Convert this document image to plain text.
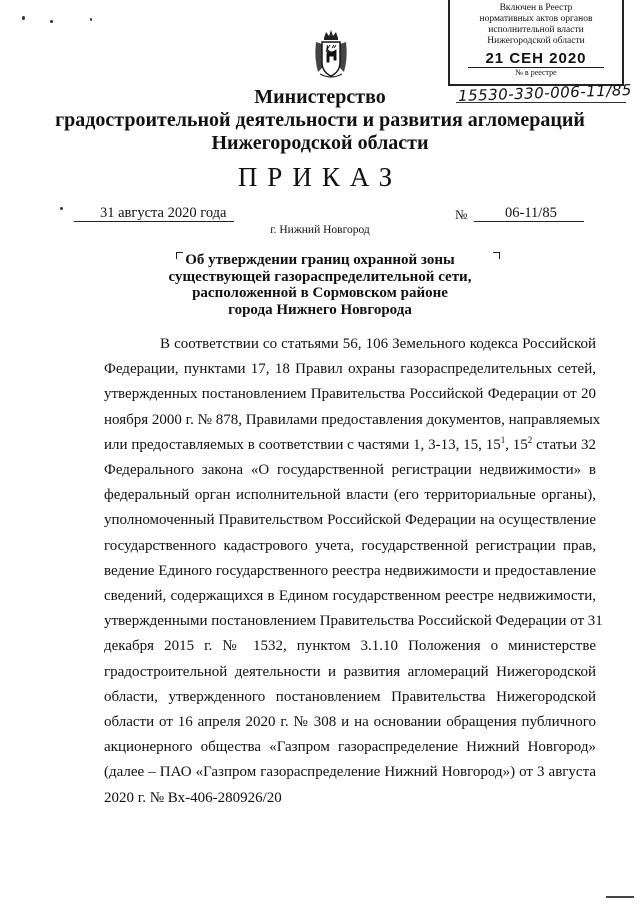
Включен в Реестр
нормативных актов органов
исполнительной власти
Нижегородской области
21 СЕН 2020
№ в реестре
15530-330-006-11/85
Министерство
градостроительной деятельности и развития агломераций
Нижегородской области
ПРИКАЗ
31 августа 2020 года	№	06-11/85
г. Нижний Новгород
Об утверждении границ охранной зоны
существующей газораспределительной сети,
расположенной в Сормовском районе
города Нижнего Новгорода
В соответствии со статьями 56, 106 Земельного кодекса Российской
Федерации, пунктами 17, 18 Правил охраны газораспределительных сетей,
утвержденных постановлением Правительства Российской Федерации от 20
ноября 2000 г. № 878, Правилами предоставления документов, направляемых
или предоставляемых в соответствии с частями 1, 3-13, 15, $15^1$, $15^2$ статьи 32
Федерального закона «О государственной регистрации недвижимости» в
федеральный орган исполнительной власти (его территориальные органы),
уполномоченный Правительством Российской Федерации на осуществление
государственного кадастрового учета, государственной регистрации прав,
ведение Единого государственного реестра недвижимости и предоставление
сведений, содержащихся в Едином государственном реестре недвижимости,
утвержденными постановлением Правительства Российской Федерации от 31
декабря 2015 г. № 1532, пунктом 3.1.10 Положения о министерстве
градостроительной деятельности и развития агломераций Нижегородской
области, утвержденного постановлением Правительства Нижегородской
области от 16 апреля 2020 г. № 308 и на основании обращения публичного
акционерного общества «Газпром газораспределение Нижний Новгород»
(далее – ПАО «Газпром газораспределение Нижний Новгород») от 3 августа
2020 г. № Вх-406-280926/20
